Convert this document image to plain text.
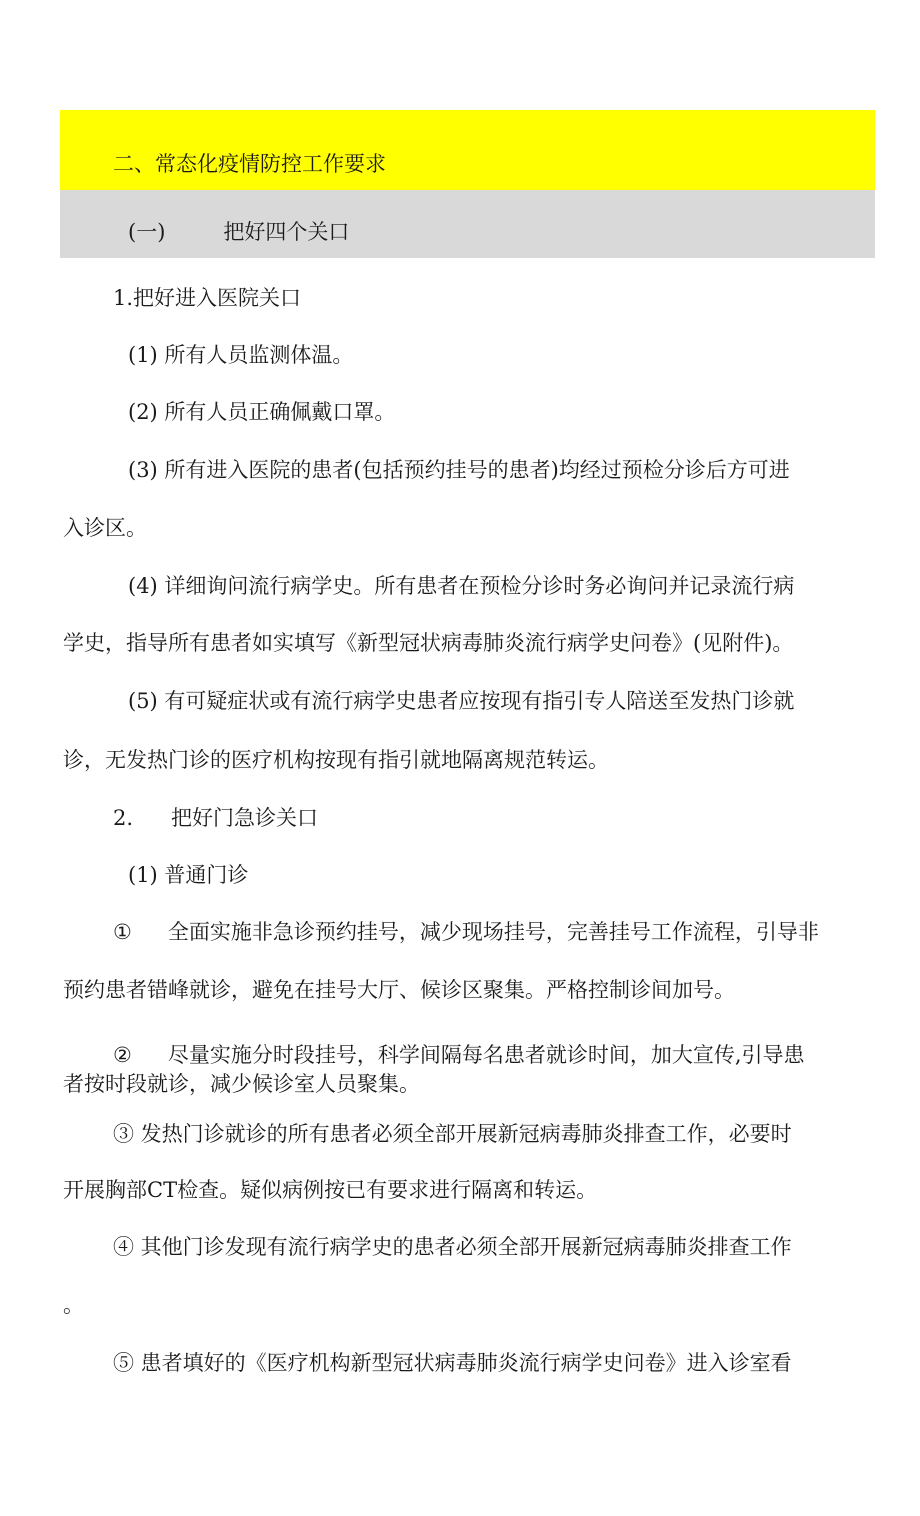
二、常态化疫情防控工作要求
(一)	把好四个关口
1.把好进入医院关口
(1) 所有人员监测体温。
(2) 所有人员正确佩戴口罩。
(3) 所有进入医院的患者(包括预约挂号的患者)均经过预检分诊后方可进
入诊区。
(4) 详细询问流行病学史。所有患者在预检分诊时务必询问并记录流行病
学史，指导所有患者如实填写《新型冠状病毒肺炎流行病学史问卷》(见附件)。
(5) 有可疑症状或有流行病学史患者应按现有指引专人陪送至发热门诊就
诊，无发热门诊的医疗机构按现有指引就地隔离规范转运。
2. 把好门急诊关口
(1) 普通门诊
① 全面实施非急诊预约挂号，减少现场挂号，完善挂号工作流程，引导非
预约患者错峰就诊，避免在挂号大厅、候诊区聚集。严格控制诊间加号。
② 尽量实施分时段挂号，科学间隔每名患者就诊时间，加大宣传,引导患
者按时段就诊，减少候诊室人员聚集。
③ 发热门诊就诊的所有患者必须全部开展新冠病毒肺炎排查工作，必要时
开展胸部CT检查。疑似病例按已有要求进行隔离和转运。
④ 其他门诊发现有流行病学史的患者必须全部开展新冠病毒肺炎排查工作
。
⑤ 患者填好的《医疗机构新型冠状病毒肺炎流行病学史问卷》进入诊室看
